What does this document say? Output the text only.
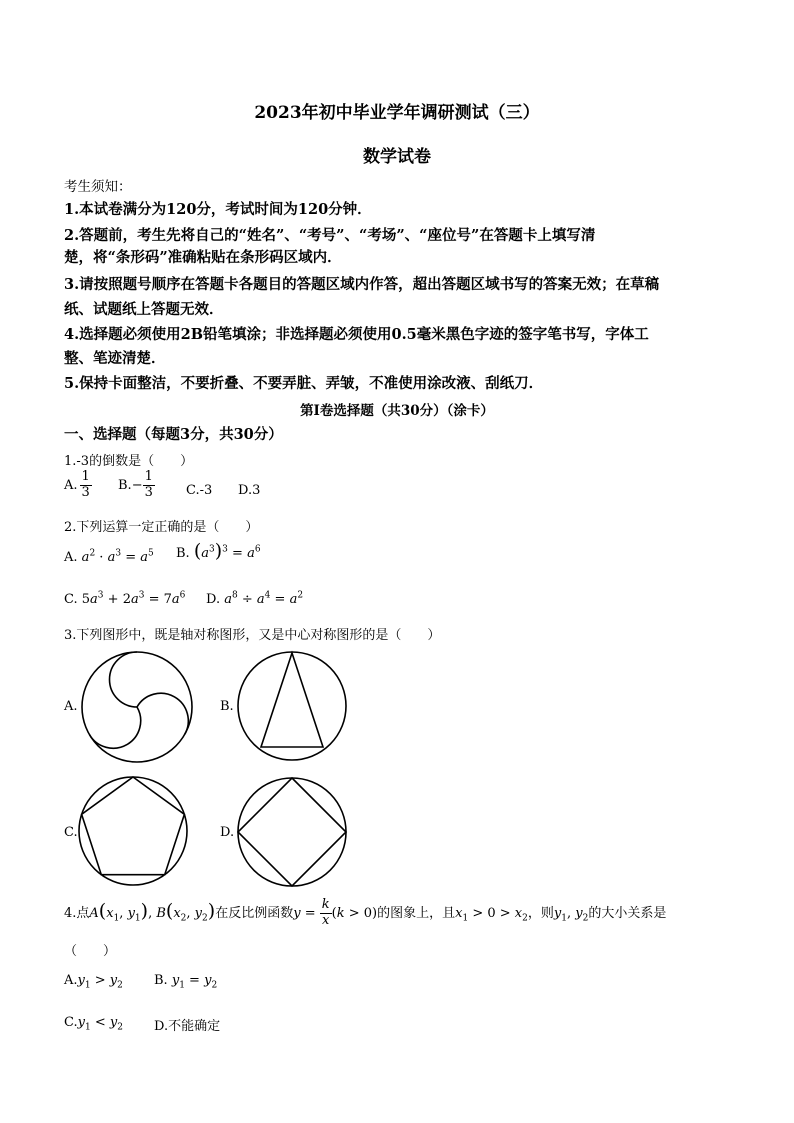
2023年初中毕业学年调研测试（三）
数学试卷
考生须知：
1.本试卷满分为120分，考试时间为120分钟．
2.答题前，考生先将自己的“姓名”、“考号”、“考场”、“座位号”在答题卡上填写清
楚，将“条形码”准确粘贴在条形码区域内．
3.请按照题号顺序在答题卡各题目的答题区域内作答，超出答题区域书写的答案无效；在草稿
纸、试题纸上答题无效．
4.选择题必须使用2B铅笔填涂；非选择题必须使用0.5毫米黑色字迹的签字笔书写，字体工
整、笔迹清楚．
5.保持卡面整洁，不要折叠、不要弄脏、弄皱，不准使用涂改液、刮纸刀．
第Ⅰ卷选择题（共30分）（涂卡）
一、选择题（每题3分，共30分）
1.-3的倒数是（　　）
A. $\frac{1}{3} B.- \frac{1}{3} C.-3$ D.3
2.下列运算一定正确的是（　　）
A. $a^2 \cdot a^3 = a^5$ B. $(a^3)^3 = a^6$
C. $5a^3 + 2a^3 = 7a^6$ D. $a^8 \div a^4 = a^2$
3.下列图形中，既是轴对称图形，又是中心对称图形的是（　　）
A.	B.
C.	D.
4.点$A(x_1$, $y_1$), $B(x_2$, $y_2$)在反比例函数$y = \frac{k}{x} (k > 0)$的图象上，且$x_1 > 0 > x_2$，则$y_1$, $y_2$的大小关系是
（　　）
$A.y_1 > y_2$ B. $y_1 = y_2$
$C.y_1 < y_2$ D.不能确定
